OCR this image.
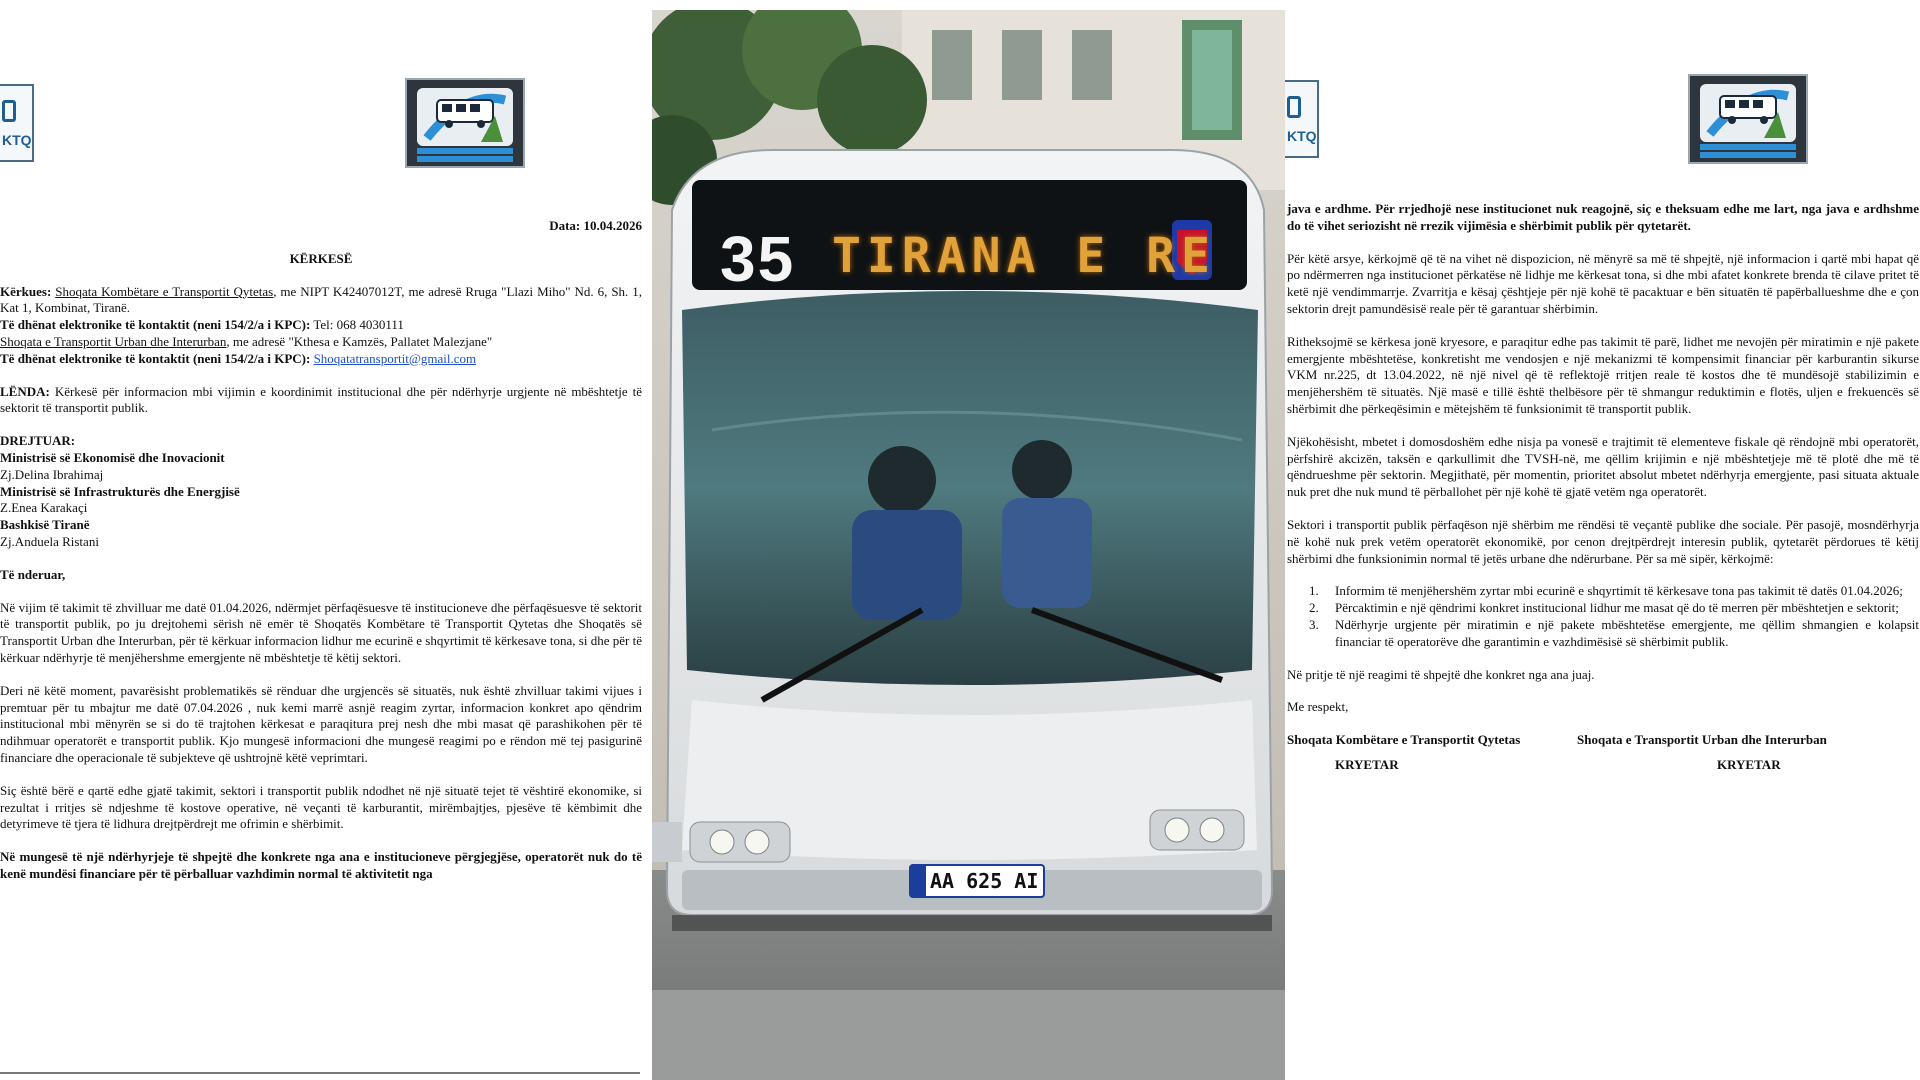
KTQ

Data: 10.04.2026

KËRKESË

Kërkues: Shoqata Kombëtare e Transportit Qytetas, me NIPT K42407012T, me adresë Rruga "Llazi Miho" Nd. 6, Sh. 1, Kat 1, Kombinat, Tiranë.

Të dhënat elektronike të kontaktit (neni 154/2/a i KPC): Tel: 068 4030111

Shoqata e Transportit Urban dhe Interurban, me adresë "Kthesa e Kamzës, Pallatet Malezjane"

Të dhënat elektronike të kontaktit (neni 154/2/a i KPC): Shoqatatransportit@gmail.com

LËNDA: Kërkesë për informacion mbi vijimin e koordinimit institucional dhe për ndërhyrje urgjente në mbështetje të sektorit të transportit publik.

DREJTUAR:

Ministrisë së Ekonomisë dhe Inovacionit

Zj.Delina Ibrahimaj

Ministrisë së Infrastrukturës dhe Energjisë

Z.Enea Karakaçi

Bashkisë Tiranë

Zj.Anduela Ristani

Të nderuar,

Në vijim të takimit të zhvilluar me datë 01.04.2026, ndërmjet përfaqësuesve të institucioneve dhe përfaqësuesve të sektorit të transportit publik, po ju drejtohemi sërish në emër të Shoqatës Kombëtare të Transportit Qytetas dhe Shoqatës së Transportit Urban dhe Interurban, për të kërkuar informacion lidhur me ecurinë e shqyrtimit të kërkesave tona, si dhe për të kërkuar ndërhyrje të menjëhershme emergjente në mbështetje të këtij sektori.

Deri në këtë moment, pavarësisht problematikës së rënduar dhe urgjencës së situatës, nuk është zhvilluar takimi vijues i premtuar për tu mbajtur me datë 07.04.2026 , nuk kemi marrë asnjë reagim zyrtar, informacion konkret apo qëndrim institucional mbi mënyrën se si do të trajtohen kërkesat e paraqitura prej nesh dhe mbi masat që parashikohen për të ndihmuar operatorët e transportit publik. Kjo mungesë informacioni dhe mungesë reagimi po e rëndon më tej pasigurinë financiare dhe operacionale të subjekteve që ushtrojnë këtë veprimtari.

Siç është bërë e qartë edhe gjatë takimit, sektori i transportit publik ndodhet në një situatë tejet të vështirë ekonomike, si rezultat i rritjes së ndjeshme të kostove operative, në veçanti të karburantit, mirëmbajtjes, pjesëve të këmbimit dhe detyrimeve të tjera të lidhura drejtpërdrejt me ofrimin e shërbimit.

Në mungesë të një ndërhyrjeje të shpejtë dhe konkrete nga ana e institucioneve përgjegjëse, operatorët nuk do të kenë mundësi financiare për të përballuar vazhdimin normal të aktivitetit nga

35 TIRANA E RE
AA 625 AI
KTQ

java e ardhme. Për rrjedhojë nese institucionet nuk reagojnë, siç e theksuam edhe me lart, nga java e ardhshme do të vihet seriozisht në rrezik vijimësia e shërbimit publik për qytetarët.

Për këtë arsye, kërkojmë që të na vihet në dispozicion, në mënyrë sa më të shpejtë, një informacion i qartë mbi hapat që po ndërmerren nga institucionet përkatëse në lidhje me kërkesat tona, si dhe mbi afatet konkrete brenda të cilave pritet të ketë një vendimmarrje. Zvarritja e kësaj çështjeje për një kohë të pacaktuar e bën situatën të papërballueshme dhe e çon sektorin drejt pamundësisë reale për të garantuar shërbimin.

Ritheksojmë se kërkesa jonë kryesore, e paraqitur edhe pas takimit të parë, lidhet me nevojën për miratimin e një pakete emergjente mbështetëse, konkretisht me vendosjen e një mekanizmi të kompensimit financiar për karburantin sikurse VKM nr.225, dt 13.04.2022, në një nivel që të reflektojë rritjen reale të kostos dhe të mundësojë stabilizimin e menjëhershëm të situatës. Një masë e tillë është thelbësore për të shmangur reduktimin e flotës, uljen e frekuencës së shërbimit dhe përkeqësimin e mëtejshëm të funksionimit të transportit publik.

Njëkohësisht, mbetet i domosdoshëm edhe nisja pa vonesë e trajtimit të elementeve fiskale që rëndojnë mbi operatorët, përfshirë akcizën, taksën e qarkullimit dhe TVSH-në, me qëllim krijimin e një mbështetjeje më të plotë dhe më të qëndrueshme për sektorin. Megjithatë, për momentin, prioritet absolut mbetet ndërhyrja emergjente, pasi situata aktuale nuk pret dhe nuk mund të përballohet për një kohë të gjatë vetëm nga operatorët.

Sektori i transportit publik përfaqëson një shërbim me rëndësi të veçantë publike dhe sociale. Për pasojë, mosndërhyrja në kohë nuk prek vetëm operatorët ekonomikë, por cenon drejtpërdrejt interesin publik, qytetarët përdorues të këtij shërbimi dhe funksionimin normal të jetës urbane dhe ndërurbane. Për sa më sipër, kërkojmë:

1. Informim të menjëhershëm zyrtar mbi ecurinë e shqyrtimit të kërkesave tona pas takimit të datës 01.04.2026;
2. Përcaktimin e një qëndrimi konkret institucional lidhur me masat që do të merren për mbështetjen e sektorit;
3. Ndërhyrje urgjente për miratimin e një pakete mbështetëse emergjente, me qëllim shmangien e kolapsit financiar të operatorëve dhe garantimin e vazhdimësisë së shërbimit publik.

Në pritje të një reagimi të shpejtë dhe konkret nga ana juaj.

Me respekt,

Shoqata Kombëtare e Transportit Qytetas	Shoqata e Transportit Urban dhe Interurban
KRYETAR	KRYETAR
